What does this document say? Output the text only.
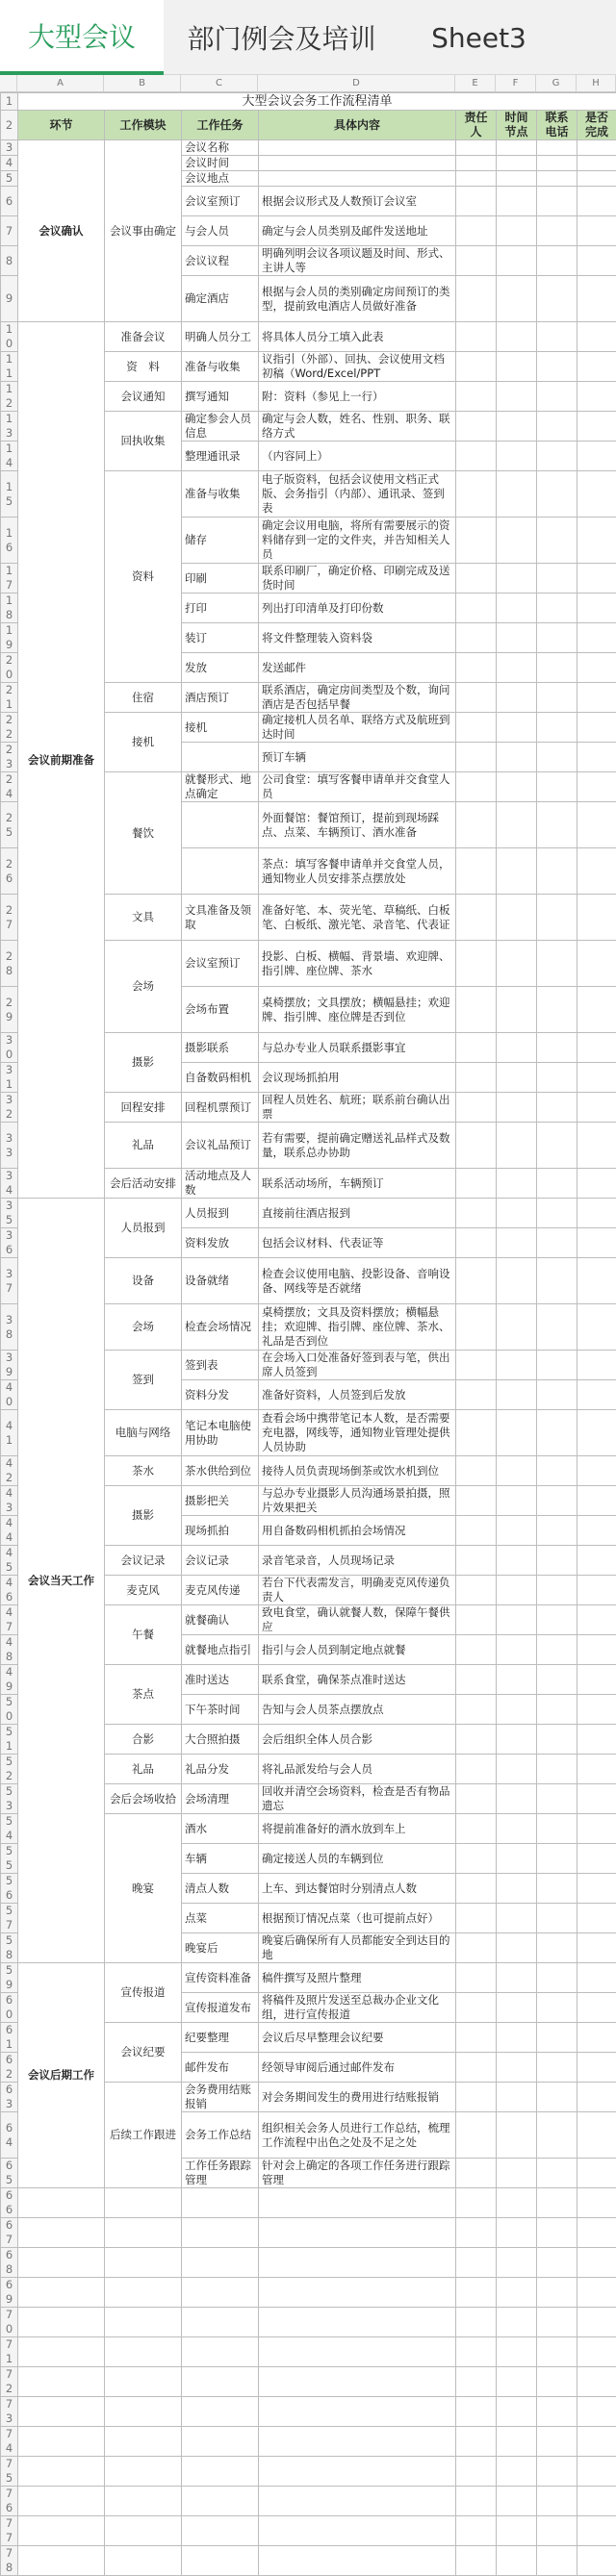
大型会议	部门例会及培训	Sheet3
A	B	C	D	E	F	G	H
1	大型会议会务工作流程清单							
2	环节	工作模块	工作任务	具体内容	责任人	时间节点	联系电话	是否完成
3	会议确认	会议事由确定	会议名称					
4			会议时间					
5			会议地点					
6			会议室预订	根据会议形式及人数预订会议室				
7			与会人员	确定与会人员类别及邮件发送地址				
8			会议议程	明确列明会议各项议题及时间、形式、主讲人等				
9			确定酒店	根据与会人员的类别确定房间预订的类型，提前致电酒店人员做好准备				
10	会议前期准备	准备会议	明确人员分工	将具体人员分工填入此表				
11		资　料	准备与收集	议指引（外部）、回执、会议使用文档初稿（Word/Excel/PPT				
12		会议通知	撰写通知	附：资料（参见上一行）				
13		回执收集	确定参会人员信息	确定与会人数，姓名、性别、职务、联络方式				
14			整理通讯录	（内容同上）				
15		资料	准备与收集	电子版资料，包括会议使用文档正式版、会务指引（内部）、通讯录、签到表				
16			储存	确定会议用电脑，将所有需要展示的资料储存到一定的文件夹，并告知相关人员				
17			印刷	联系印刷厂，确定价格、印刷完成及送货时间				
18			打印	列出打印清单及打印份数				
19			装订	将文件整理装入资料袋				
20			发放	发送邮件				
21		住宿	酒店预订	联系酒店，确定房间类型及个数，询问酒店是否包括早餐				
22		接机	接机	确定接机人员名单、联络方式及航班到达时间				
23				预订车辆				
24		餐饮	就餐形式、地点确定	公司食堂：填写客餐申请单并交食堂人员				
25				外面餐馆：餐馆预订，提前到现场踩点、点菜、车辆预订、酒水准备				
26				茶点：填写客餐申请单并交食堂人员，通知物业人员安排茶点摆放处				
27		文具	文具准备及领取	准备好笔、本、荧光笔、草稿纸、白板笔、白板纸、激光笔、录音笔、代表证				
28		会场	会议室预订	投影、白板、横幅、背景墙、欢迎牌、指引牌、座位牌、茶水				
29			会场布置	桌椅摆放；文具摆放；横幅悬挂；欢迎牌、指引牌、座位牌是否到位				
30		摄影	摄影联系	与总办专业人员联系摄影事宜				
31			自备数码相机	会议现场抓拍用				
32		回程安排	回程机票预订	回程人员姓名、航班；联系前台确认出票				
33		礼品	会议礼品预订	若有需要，提前确定赠送礼品样式及数量，联系总办协助				
34		会后活动安排	活动地点及人数	联系活动场所，车辆预订				
35	会议当天工作	人员报到	人员报到	直接前往酒店报到				
36			资料发放	包括会议材料、代表证等				
37		设备	设备就绪	检查会议使用电脑、投影设备、音响设备、网线等是否就绪				
38		会场	检查会场情况	桌椅摆放；文具及资料摆放；横幅悬挂；欢迎牌、指引牌、座位牌、茶水、礼品是否到位				
39		签到	签到表	在会场入口处准备好签到表与笔，供出席人员签到				
40			资料分发	准备好资料，人员签到后发放				
41		电脑与网络	笔记本电脑使用协助	查看会场中携带笔记本人数，是否需要充电器，网线等，通知物业管理处提供人员协助				
42		茶水	茶水供给到位	接待人员负责现场倒茶或饮水机到位				
43		摄影	摄影把关	与总办专业摄影人员沟通场景拍摄，照片效果把关				
44			现场抓拍	用自备数码相机抓拍会场情况				
45		会议记录	会议记录	录音笔录音，人员现场记录				
46		麦克风	麦克风传递	若台下代表需发言，明确麦克风传递负责人				
47		午餐	就餐确认	致电食堂，确认就餐人数，保障午餐供应				
48			就餐地点指引	指引与会人员到制定地点就餐				
49		茶点	准时送达	联系食堂，确保茶点准时送达				
50			下午茶时间	告知与会人员茶点摆放点				
51		合影	大合照拍摄	会后组织全体人员合影				
52		礼品	礼品分发	将礼品派发给与会人员				
53		会后会场收拾	会场清理	回收并清空会场资料，检查是否有物品遗忘				
54		晚宴	酒水	将提前准备好的酒水放到车上				
55			车辆	确定接送人员的车辆到位				
56			清点人数	上车、到达餐馆时分别清点人数				
57			点菜	根据预订情况点菜（也可提前点好）				
58			晚宴后	晚宴后确保所有人员都能安全到达目的地				
59	会议后期工作	宣传报道	宣传资料准备	稿件撰写及照片整理				
60			宣传报道发布	将稿件及照片发送至总裁办企业文化组，进行宣传报道				
61		会议纪要	纪要整理	会议后尽早整理会议纪要				
62			邮件发布	经领导审阅后通过邮件发布				
63		后续工作跟进	会务费用结账报销	对会务期间发生的费用进行结账报销				
64			会务工作总结	组织相关会务人员进行工作总结，梳理工作流程中出色之处及不足之处				
65			工作任务跟踪管理	针对会上确定的各项工作任务进行跟踪管理				
66								
67								
68								
69								
70								
71								
72								
73								
74								
75								
76								
77								
78								
